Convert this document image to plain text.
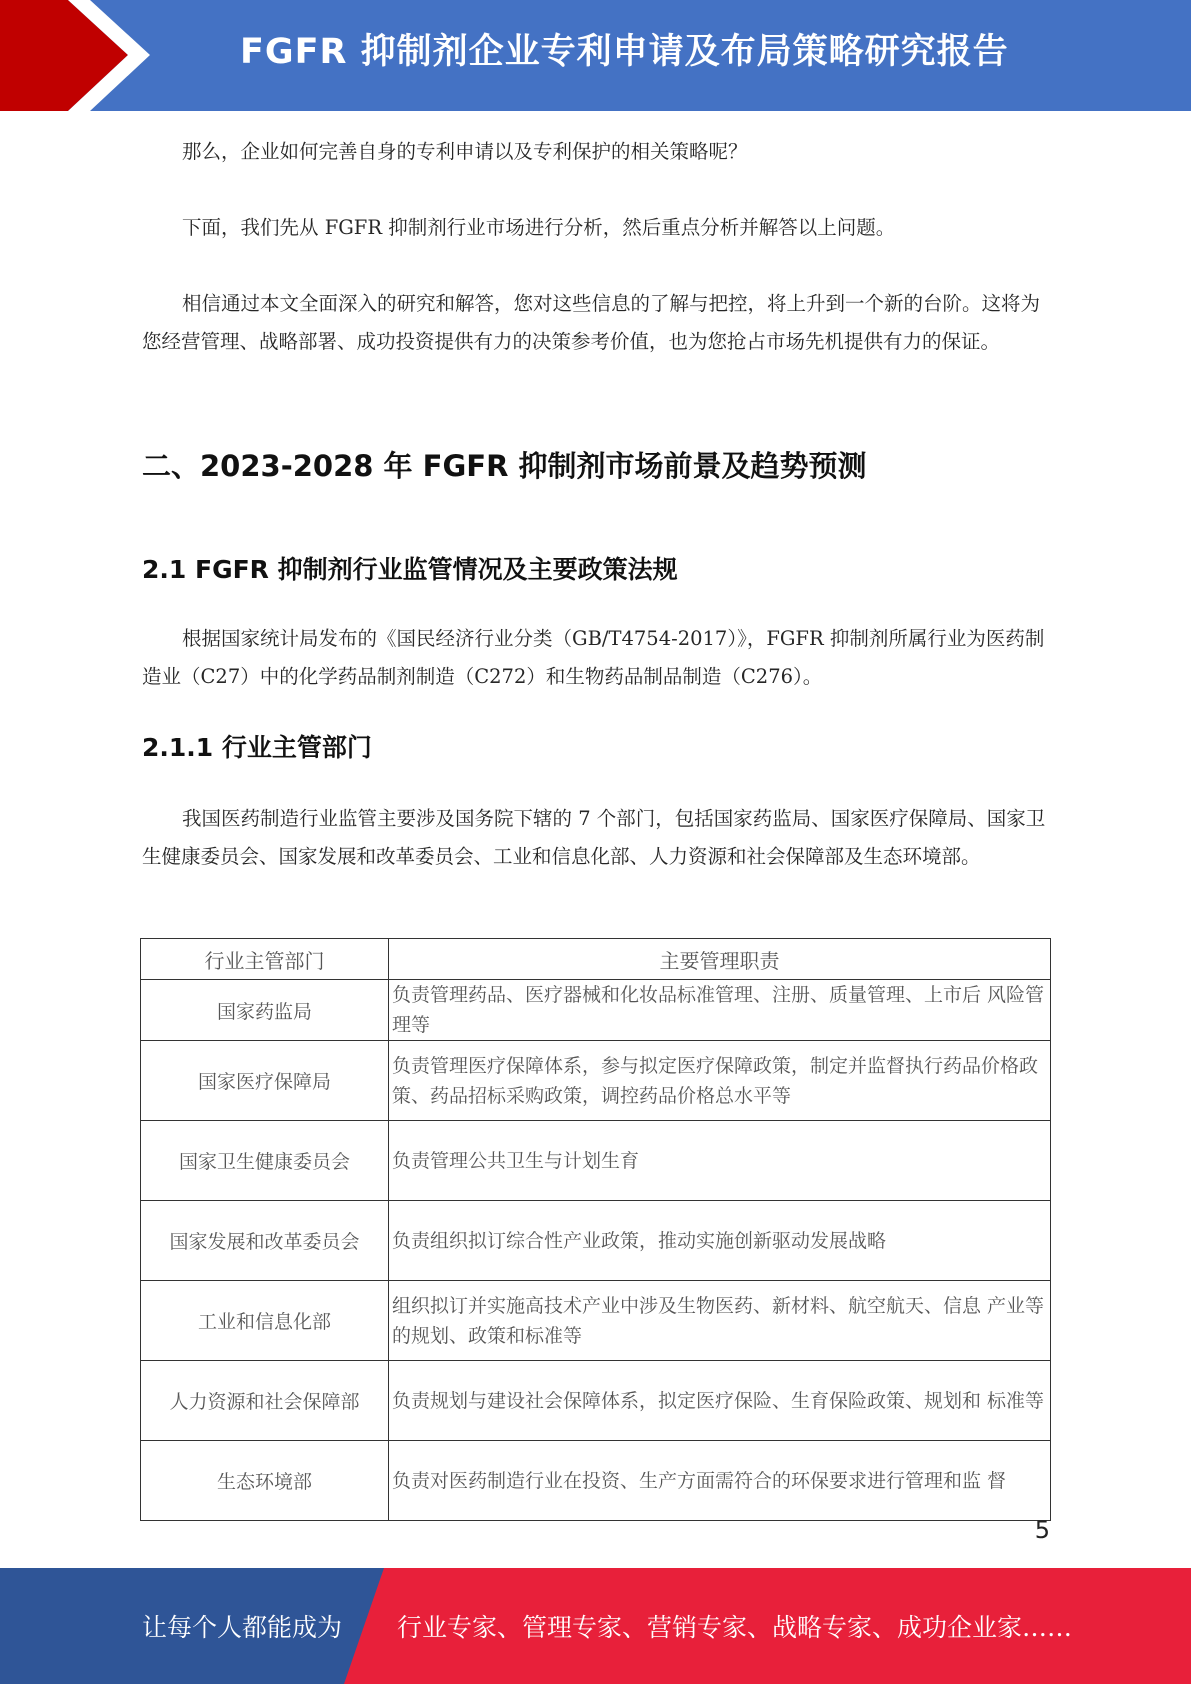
FGFR 抑制剂企业专利申请及布局策略研究报告

那么，企业如何完善自身的专利申请以及专利保护的相关策略呢？

下面，我们先从 FGFR 抑制剂行业市场进行分析，然后重点分析并解答以上问题。

相信通过本文全面深入的研究和解答，您对这些信息的了解与把控，将上升到一个新的台阶。这将为您经营管理、战略部署、成功投资提供有力的决策参考价值，也为您抢占市场先机提供有力的保证。

二、2023-2028 年 FGFR 抑制剂市场前景及趋势预测
2.1 FGFR 抑制剂行业监管情况及主要政策法规

根据国家统计局发布的《国民经济行业分类（GB/T4754-2017）》，FGFR 抑制剂所属行业为医药制造业（C27）中的化学药品制剂制造（C272）和生物药品制品制造（C276）。

2.1.1 行业主管部门

我国医药制造行业监管主要涉及国务院下辖的 7 个部门，包括国家药监局、国家医疗保障局、国家卫生健康委员会、国家发展和改革委员会、工业和信息化部、人力资源和社会保障部及生态环境部。

行业主管部门	主要管理职责
国家药监局	负责管理药品、医疗器械和化妆品标准管理、注册、质量管理、上市后 风险管理等
国家医疗保障局	负责管理医疗保障体系，参与拟定医疗保障政策，制定并监督执行药品价格政策、药品招标采购政策，调控药品价格总水平等
国家卫生健康委员会	负责管理公共卫生与计划生育
国家发展和改革委员会	负责组织拟订综合性产业政策，推动实施创新驱动发展战略
工业和信息化部	组织拟订并实施高技术产业中涉及生物医药、新材料、航空航天、信息 产业等的规划、政策和标准等
人力资源和社会保障部	负责规划与建设社会保障体系，拟定医疗保险、生育保险政策、规划和 标准等
生态环境部	负责对医药制造行业在投资、生产方面需符合的环保要求进行管理和监 督
5
让每个人都能成为 行业专家、管理专家、营销专家、战略专家、成功企业家……
